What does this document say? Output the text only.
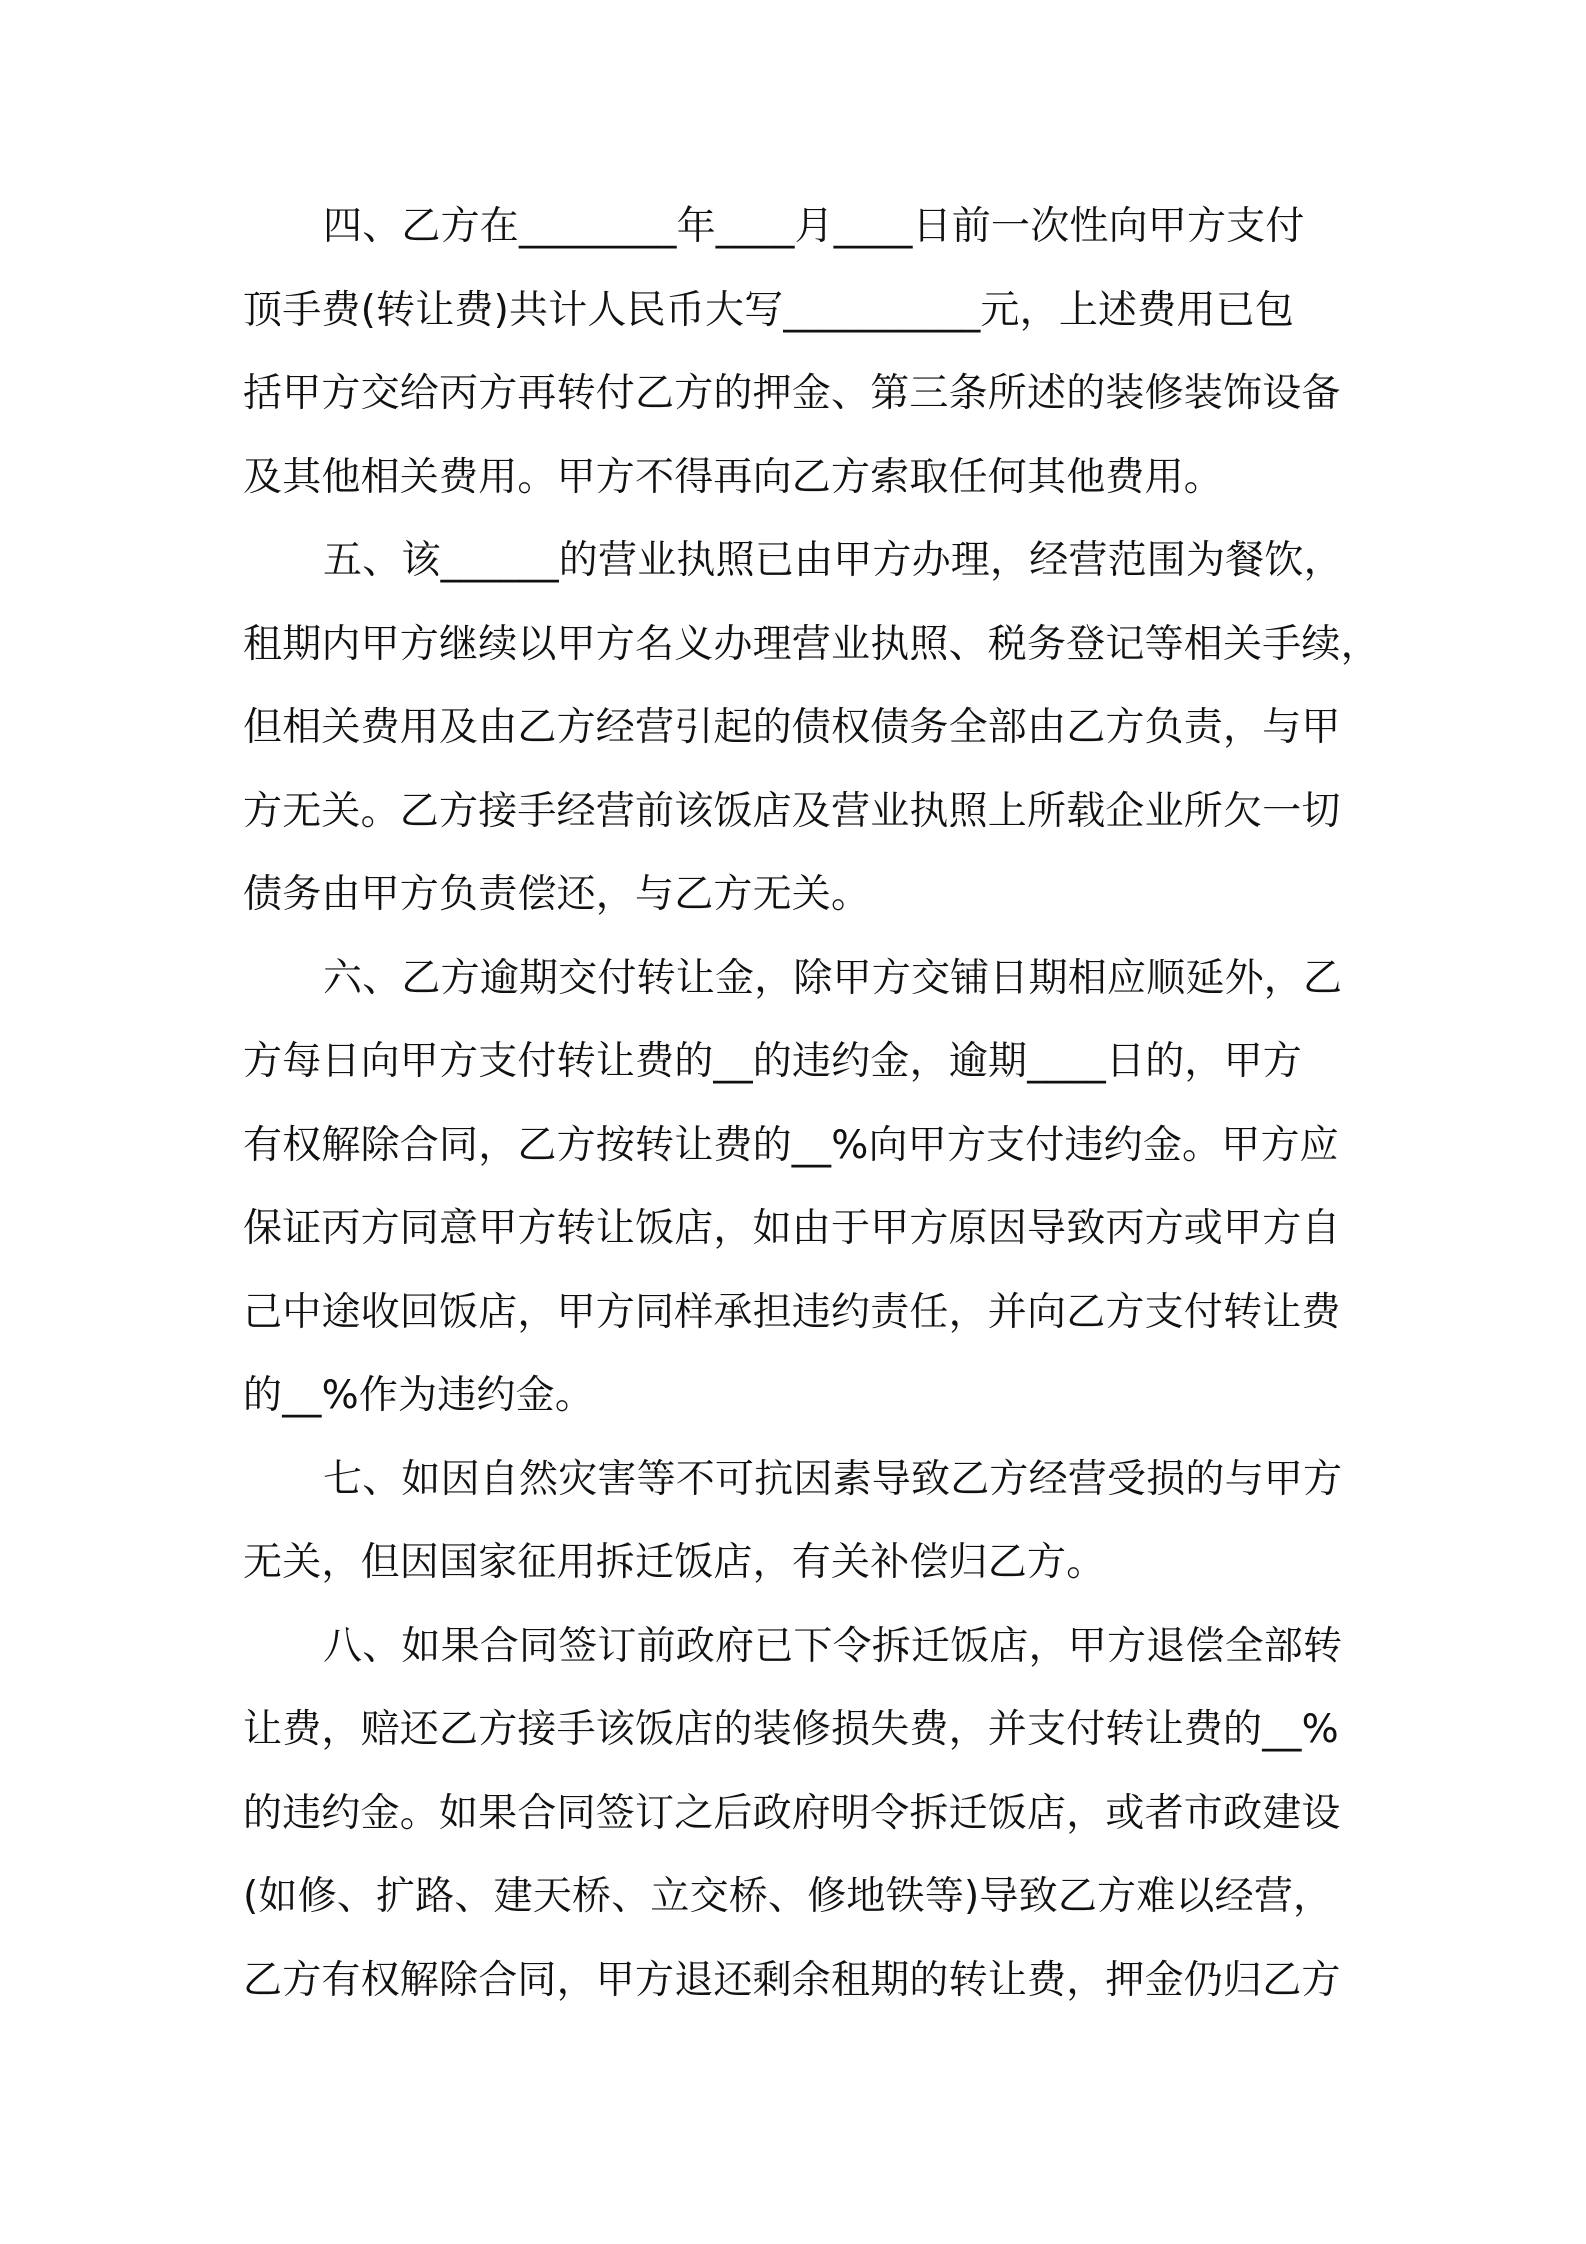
四、乙方在________年____月____日前一次性向甲方支付
顶手费(转让费)共计人民币大写__________元，上述费用已包
括甲方交给丙方再转付乙方的押金、第三条所述的装修装饰设备
及其他相关费用。甲方不得再向乙方索取任何其他费用。
五、该______的营业执照已由甲方办理，经营范围为餐饮，
租期内甲方继续以甲方名义办理营业执照、税务登记等相关手续，
但相关费用及由乙方经营引起的债权债务全部由乙方负责，与甲
方无关。乙方接手经营前该饭店及营业执照上所载企业所欠一切
债务由甲方负责偿还，与乙方无关。
六、乙方逾期交付转让金，除甲方交铺日期相应顺延外，乙
方每日向甲方支付转让费的__的违约金，逾期____日的，甲方
有权解除合同，乙方按转让费的__%向甲方支付违约金。甲方应
保证丙方同意甲方转让饭店，如由于甲方原因导致丙方或甲方自
己中途收回饭店，甲方同样承担违约责任，并向乙方支付转让费
的__%作为违约金。
七、如因自然灾害等不可抗因素导致乙方经营受损的与甲方
无关，但因国家征用拆迁饭店，有关补偿归乙方。
八、如果合同签订前政府已下令拆迁饭店，甲方退偿全部转
让费，赔还乙方接手该饭店的装修损失费，并支付转让费的__%
的违约金。如果合同签订之后政府明令拆迁饭店，或者市政建设
(如修、扩路、建天桥、立交桥、修地铁等)导致乙方难以经营，
乙方有权解除合同，甲方退还剩余租期的转让费，押金仍归乙方
